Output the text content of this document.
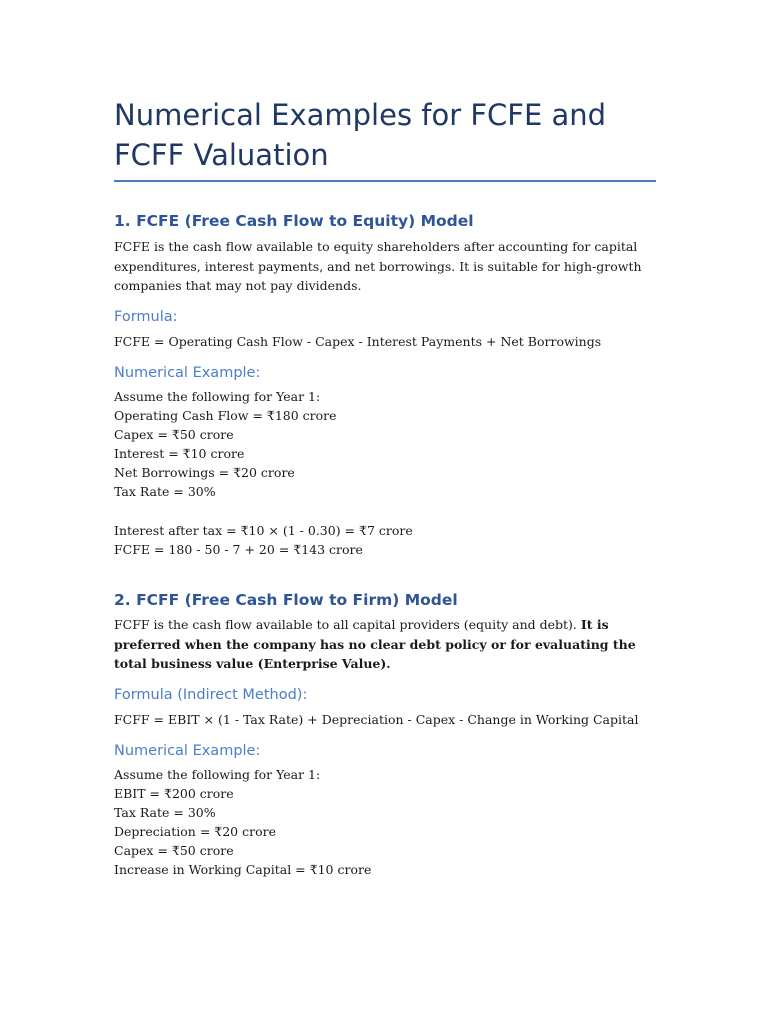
Numerical Examples for FCFE and FCFF Valuation
1. FCFE (Free Cash Flow to Equity) Model

FCFE is the cash flow available to equity shareholders after accounting for capital expenditures, interest payments, and net borrowings. It is suitable for high-growth companies that may not pay dividends.

Formula:

FCFE = Operating Cash Flow - Capex - Interest Payments + Net Borrowings

Numerical Example:

Assume the following for Year 1:

Operating Cash Flow = ₹180 crore

Capex = ₹50 crore

Interest = ₹10 crore

Net Borrowings = ₹20 crore

Tax Rate = 30%

Interest after tax = ₹10 × (1 - 0.30) = ₹7 crore

FCFE = 180 - 50 - 7 + 20 = ₹143 crore

2. FCFF (Free Cash Flow to Firm) Model

FCFF is the cash flow available to all capital providers (equity and debt). It is preferred when the company has no clear debt policy or for evaluating the total business value (Enterprise Value).

Formula (Indirect Method):

FCFF = EBIT × (1 - Tax Rate) + Depreciation - Capex - Change in Working Capital

Numerical Example:

Assume the following for Year 1:

EBIT = ₹200 crore

Tax Rate = 30%

Depreciation = ₹20 crore

Capex = ₹50 crore

Increase in Working Capital = ₹10 crore
